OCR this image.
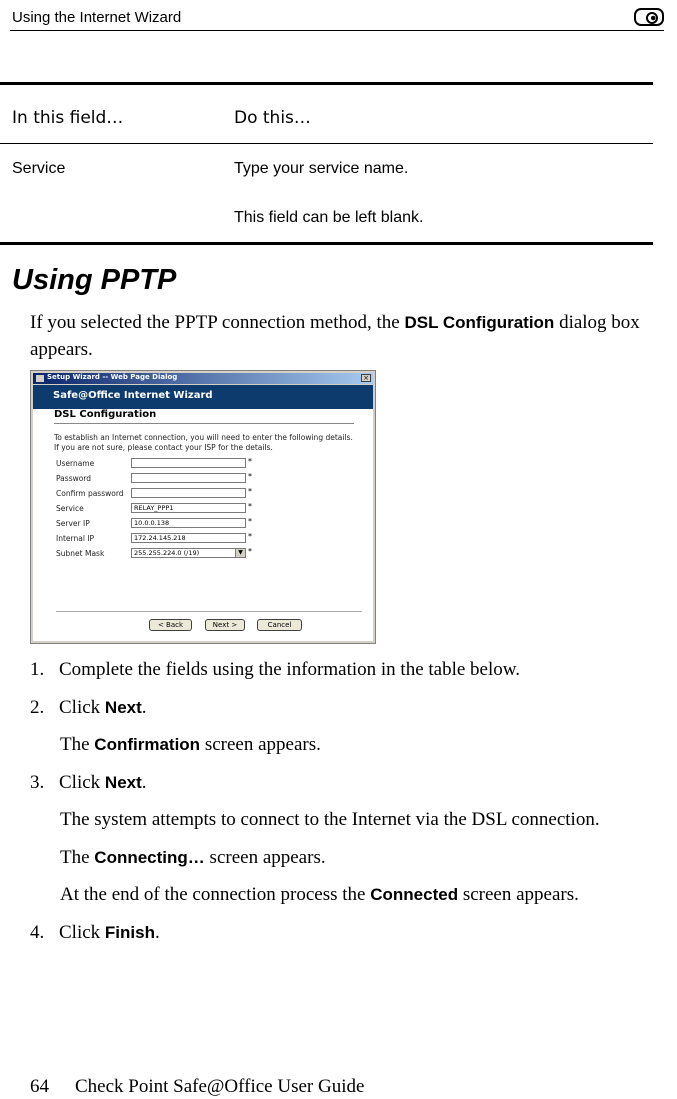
Using the Internet Wizard
In this field…	Do this…
Service	Type your service name.
This field can be left blank.
Using PPTP
If you selected the PPTP connection method, the DSL Configuration dialog box appears.
Setup Wizard -- Web Page Dialog	×
Safe@Office Internet Wizard
DSL Configuration
To establish an Internet connection, you will need to enter the following details. If you are not sure, please contact your ISP for the details.
Username	*
Password	*
Confirm password	*
Service	RELAY_PPP1	*
Server IP	10.0.0.138	*
Internal IP	172.24.145.218	*
Subnet Mask	255.255.224.0 (/19)	▼ *
< Back	Next >	Cancel
1. Complete the fields using the information in the table below.
2. Click Next.
The Confirmation screen appears.
3. Click Next.
The system attempts to connect to the Internet via the DSL connection.
The Connecting… screen appears.
At the end of the connection process the Connected screen appears.
4. Click Finish.
64 Check Point Safe@Office User Guide
